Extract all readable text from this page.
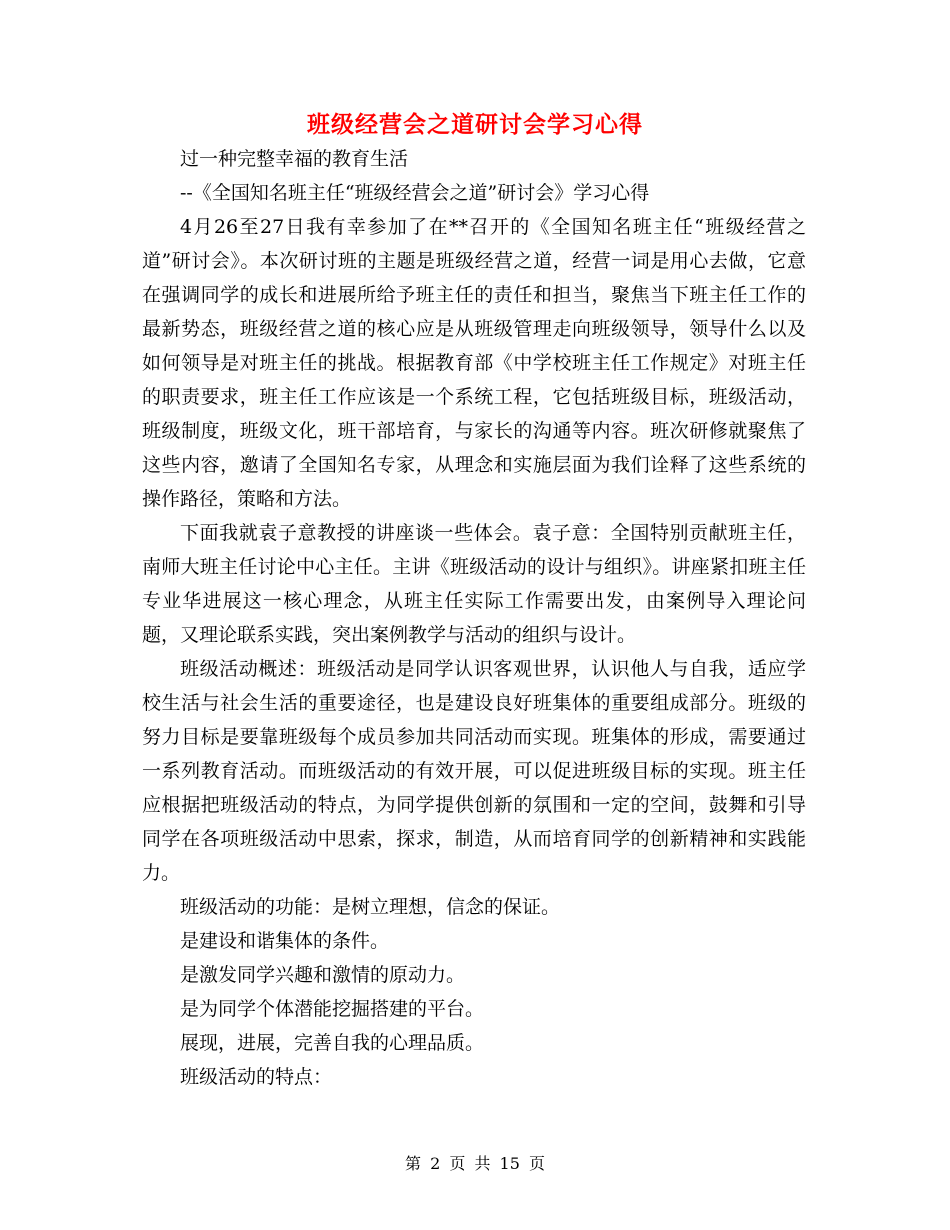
班级经营会之道研讨会学习心得

过一种完整幸福的教育生活

--《全国知名班主任“班级经营会之道”研讨会》学习心得

4月26至27日我有幸参加了在**召开的《全国知名班主任“班级经营之道”研讨会》。本次研讨班的主题是班级经营之道，经营一词是用心去做，它意在强调同学的成长和进展所给予班主任的责任和担当，聚焦当下班主任工作的最新势态，班级经营之道的核心应是从班级管理走向班级领导，领导什么以及如何领导是对班主任的挑战。根据教育部《中学校班主任工作规定》对班主任的职责要求，班主任工作应该是一个系统工程，它包括班级目标，班级活动，班级制度，班级文化，班干部培育，与家长的沟通等内容。班次研修就聚焦了这些内容，邀请了全国知名专家，从理念和实施层面为我们诠释了这些系统的操作路径，策略和方法。

下面我就袁子意教授的讲座谈一些体会。袁子意：全国特别贡献班主任，南师大班主任讨论中心主任。主讲《班级活动的设计与组织》。讲座紧扣班主任专业华进展这一核心理念，从班主任实际工作需要出发，由案例导入理论问题，又理论联系实践，突出案例教学与活动的组织与设计。

班级活动概述：班级活动是同学认识客观世界，认识他人与自我，适应学校生活与社会生活的重要途径，也是建设良好班集体的重要组成部分。班级的努力目标是要靠班级每个成员参加共同活动而实现。班集体的形成，需要通过一系列教育活动。而班级活动的有效开展，可以促进班级目标的实现。班主任应根据把班级活动的特点，为同学提供创新的氛围和一定的空间，鼓舞和引导同学在各项班级活动中思索，探求，制造，从而培育同学的创新精神和实践能力。

班级活动的功能：是树立理想，信念的保证。

是建设和谐集体的条件。

是激发同学兴趣和激情的原动力。

是为同学个体潜能挖掘搭建的平台。

展现，进展，完善自我的心理品质。

班级活动的特点：

第 2 页 共 15 页
